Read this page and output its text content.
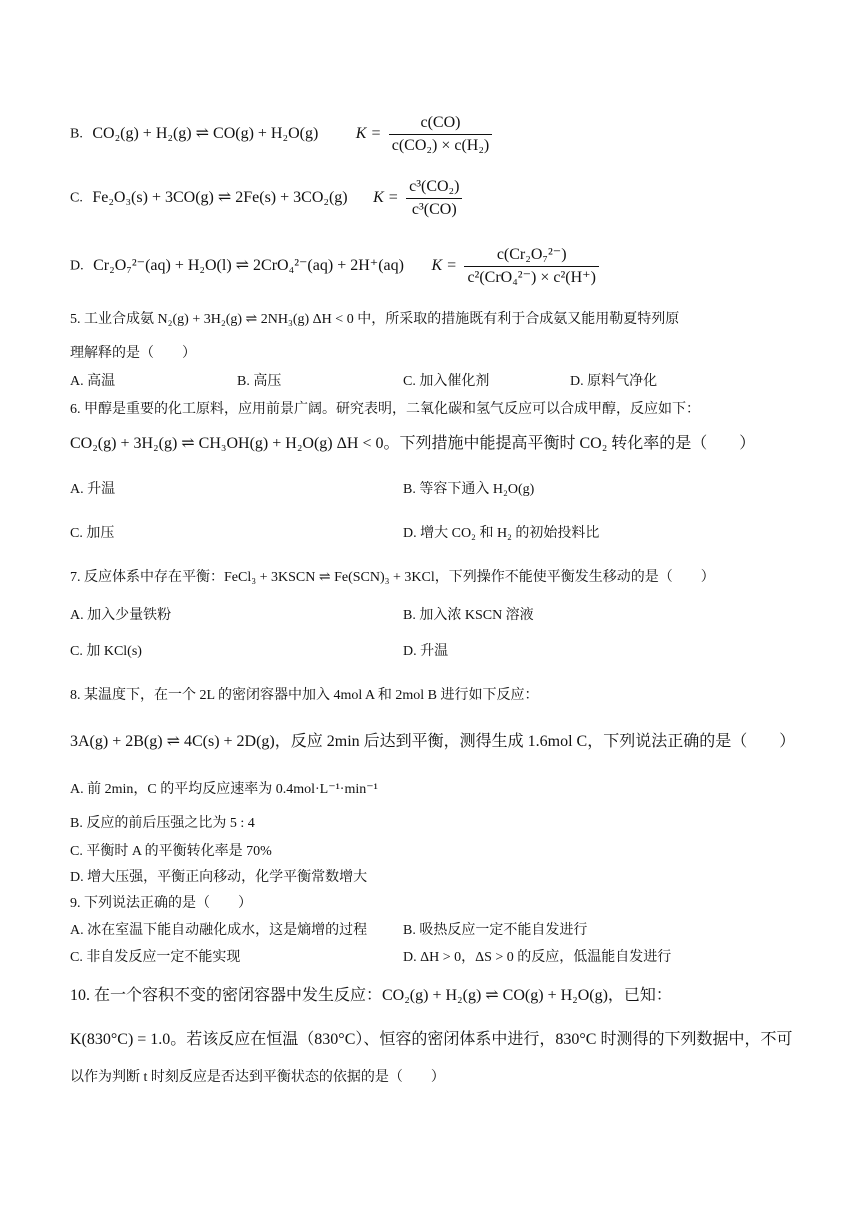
B. CO₂(g) + H₂(g) ⇌ CO(g) + H₂O(g) $K = \frac{c(CO)}{\text{c(CO₂) × c(H₂)}}$
C. Fe₂O₃(s) + 3CO(g) ⇌ 2Fe(s) + 3CO₂(g) $K = \frac{\text{c³(CO₂)}}{\text{c³(CO)}}$
D. Cr₂O₇²⁻(aq) + H₂O(l) ⇌ 2CrO₄²⁻(aq) + 2H⁺(aq) $K = \frac{\text{c(Cr₂O₇²⁻)}}{\text{c²(CrO₄²⁻) × c²(H⁺)}}$
5. 工业合成氨 N₂(g) + 3H₂(g) ⇌ 2NH₃(g) ΔH < 0 中，所采取的措施既有利于合成氨又能用勒夏特列原
理解释的是（　　）
A. 高温	B. 高压	C. 加入催化剂	D. 原料气净化
6. 甲醇是重要的化工原料，应用前景广阔。研究表明，二氧化碳和氢气反应可以合成甲醇，反应如下：
CO₂(g) + 3H₂(g) ⇌ CH₃OH(g) + H₂O(g) ΔH < 0。下列措施中能提高平衡时 CO₂ 转化率的是（　　）
A. 升温	B. 等容下通入 H₂O(g)
C. 加压	D. 增大 CO₂ 和 H₂ 的初始投料比
7. 反应体系中存在平衡：FeCl₃ + 3KSCN ⇌ Fe(SCN)₃ + 3KCl，下列操作不能使平衡发生移动的是（　　）
A. 加入少量铁粉	B. 加入浓 KSCN 溶液
C. 加 KCl(s)	D. 升温
8. 某温度下，在一个 2L 的密闭容器中加入 4mol A 和 2mol B 进行如下反应：
3A(g) + 2B(g) ⇌ 4C(s) + 2D(g)，反应 2min 后达到平衡，测得生成 1.6mol C，下列说法正确的是（　　）
A. 前 2min，C 的平均反应速率为 0.4mol·L⁻¹·min⁻¹
B. 反应的前后压强之比为 5 : 4
C. 平衡时 A 的平衡转化率是 70%
D. 增大压强，平衡正向移动，化学平衡常数增大
9. 下列说法正确的是（　　）
A. 冰在室温下能自动融化成水，这是熵增的过程	B. 吸热反应一定不能自发进行
C. 非自发反应一定不能实现	D. ΔH > 0，ΔS > 0 的反应，低温能自发进行
10. 在一个容积不变的密闭容器中发生反应：CO₂(g) + H₂(g) ⇌ CO(g) + H₂O(g)，已知：
K(830°C) = 1.0。若该反应在恒温（830°C）、恒容的密闭体系中进行，830°C 时测得的下列数据中，不可
以作为判断 t 时刻反应是否达到平衡状态的依据的是（　　）
